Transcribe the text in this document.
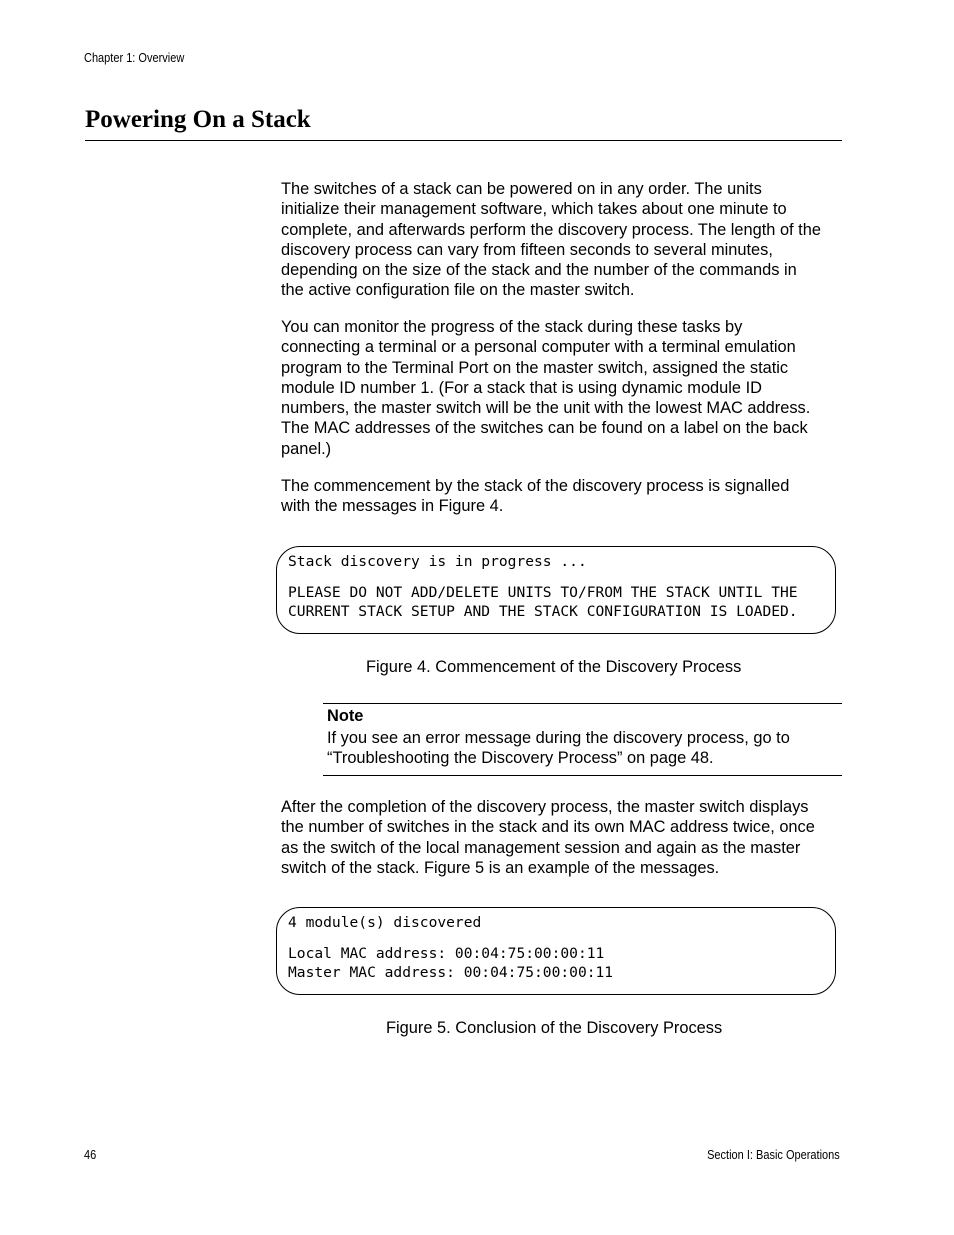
Chapter 1: Overview
Powering On a Stack
The switches of a stack can be powered on in any order. The units
initialize their management software, which takes about one minute to
complete, and afterwards perform the discovery process. The length of the
discovery process can vary from fifteen seconds to several minutes,
depending on the size of the stack and the number of the commands in
the active configuration file on the master switch.
You can monitor the progress of the stack during these tasks by
connecting a terminal or a personal computer with a terminal emulation
program to the Terminal Port on the master switch, assigned the static
module ID number 1. (For a stack that is using dynamic module ID
numbers, the master switch will be the unit with the lowest MAC address.
The MAC addresses of the switches can be found on a label on the back
panel.)
The commencement by the stack of the discovery process is signalled
with the messages in Figure 4.
Stack discovery is in progress ...
PLEASE DO NOT ADD/DELETE UNITS TO/FROM THE STACK UNTIL THE
CURRENT STACK SETUP AND THE STACK CONFIGURATION IS LOADED.
Figure 4. Commencement of the Discovery Process
Note
If you see an error message during the discovery process, go to
“Troubleshooting the Discovery Process” on page 48.
After the completion of the discovery process, the master switch displays
the number of switches in the stack and its own MAC address twice, once
as the switch of the local management session and again as the master
switch of the stack. Figure 5 is an example of the messages.
4 module(s) discovered
Local MAC address: 00:04:75:00:00:11
Master MAC address: 00:04:75:00:00:11
Figure 5. Conclusion of the Discovery Process
46	Section I: Basic Operations
